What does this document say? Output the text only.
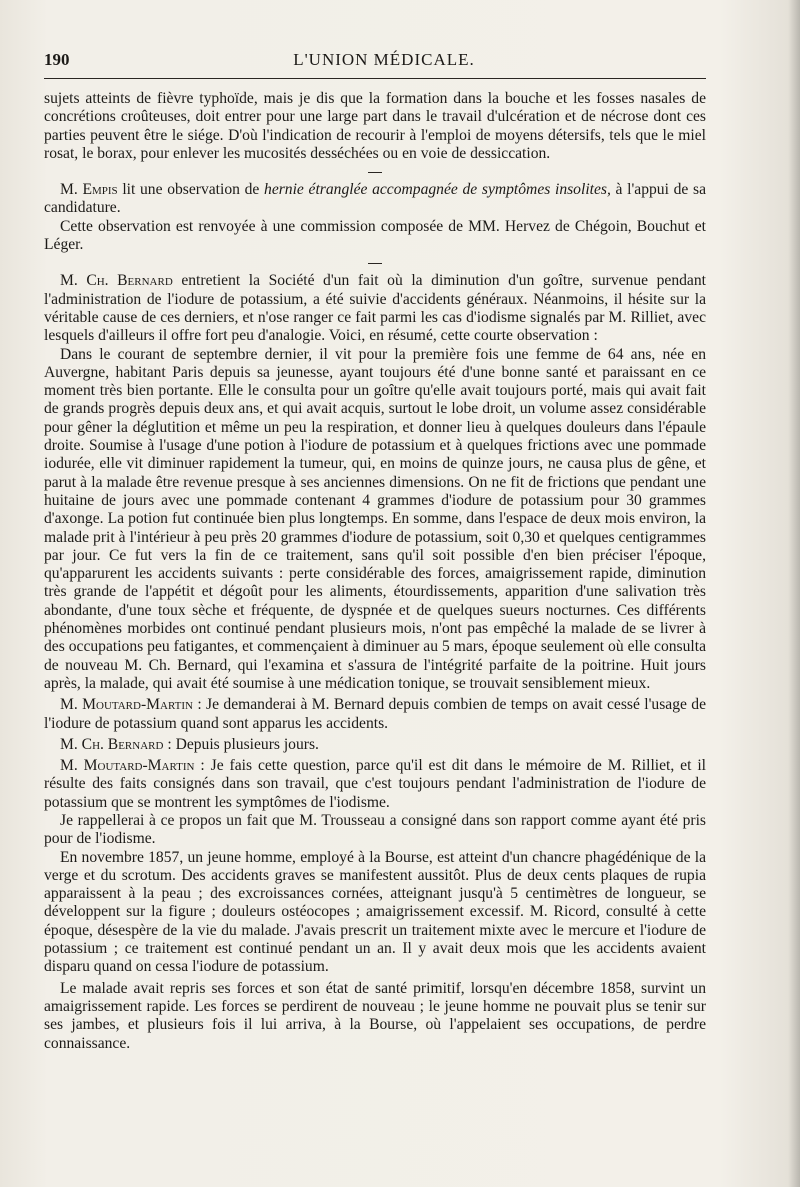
190	L'UNION MÉDICALE.

sujets atteints de fièvre typhoïde, mais je dis que la formation dans la bouche et les fosses nasales de concrétions croûteuses, doit entrer pour une large part dans le travail d'ulcération et de nécrose dont ces parties peuvent être le siége. D'où l'indication de recourir à l'emploi de moyens détersifs, tels que le miel rosat, le borax, pour enlever les mucosités desséchées ou en voie de dessiccation.

M. Empis lit une observation de hernie étranglée accompagnée de symptômes insolites, à l'appui de sa candidature.

Cette observation est renvoyée à une commission composée de MM. Hervez de Chégoin, Bouchut et Léger.

M. Ch. Bernard entretient la Société d'un fait où la diminution d'un goître, survenue pendant l'administration de l'iodure de potassium, a été suivie d'accidents généraux. Néanmoins, il hésite sur la véritable cause de ces derniers, et n'ose ranger ce fait parmi les cas d'iodisme signalés par M. Rilliet, avec lesquels d'ailleurs il offre fort peu d'analogie. Voici, en résumé, cette courte observation :

Dans le courant de septembre dernier, il vit pour la première fois une femme de 64 ans, née en Auvergne, habitant Paris depuis sa jeunesse, ayant toujours été d'une bonne santé et paraissant en ce moment très bien portante. Elle le consulta pour un goître qu'elle avait toujours porté, mais qui avait fait de grands progrès depuis deux ans, et qui avait acquis, surtout le lobe droit, un volume assez considérable pour gêner la déglutition et même un peu la respiration, et donner lieu à quelques douleurs dans l'épaule droite. Soumise à l'usage d'une potion à l'iodure de potassium et à quelques frictions avec une pommade iodurée, elle vit diminuer rapidement la tumeur, qui, en moins de quinze jours, ne causa plus de gêne, et parut à la malade être revenue presque à ses anciennes dimensions. On ne fit de frictions que pendant une huitaine de jours avec une pommade contenant 4 grammes d'iodure de potassium pour 30 grammes d'axonge. La potion fut continuée bien plus longtemps. En somme, dans l'espace de deux mois environ, la malade prit à l'intérieur à peu près 20 grammes d'iodure de potassium, soit 0,30 et quelques centigrammes par jour. Ce fut vers la fin de ce traitement, sans qu'il soit possible d'en bien préciser l'époque, qu'apparurent les accidents suivants : perte considérable des forces, amaigrissement rapide, diminution très grande de l'appétit et dégoût pour les aliments, étourdissements, apparition d'une salivation très abondante, d'une toux sèche et fréquente, de dyspnée et de quelques sueurs nocturnes. Ces différents phénomènes morbides ont continué pendant plusieurs mois, n'ont pas empêché la malade de se livrer à des occupations peu fatigantes, et commençaient à diminuer au 5 mars, époque seulement où elle consulta de nouveau M. Ch. Bernard, qui l'examina et s'assura de l'intégrité parfaite de la poitrine. Huit jours après, la malade, qui avait été soumise à une médication tonique, se trouvait sensiblement mieux.

M. Moutard-Martin : Je demanderai à M. Bernard depuis combien de temps on avait cessé l'usage de l'iodure de potassium quand sont apparus les accidents.

M. Ch. Bernard : Depuis plusieurs jours.

M. Moutard-Martin : Je fais cette question, parce qu'il est dit dans le mémoire de M. Rilliet, et il résulte des faits consignés dans son travail, que c'est toujours pendant l'administration de l'iodure de potassium que se montrent les symptômes de l'iodisme.

Je rappellerai à ce propos un fait que M. Trousseau a consigné dans son rapport comme ayant été pris pour de l'iodisme.

En novembre 1857, un jeune homme, employé à la Bourse, est atteint d'un chancre phagédénique de la verge et du scrotum. Des accidents graves se manifestent aussitôt. Plus de deux cents plaques de rupia apparaissent à la peau ; des excroissances cornées, atteignant jusqu'à 5 centimètres de longueur, se développent sur la figure ; douleurs ostéocopes ; amaigrissement excessif. M. Ricord, consulté à cette époque, désespère de la vie du malade. J'avais prescrit un traitement mixte avec le mercure et l'iodure de potassium ; ce traitement est continué pendant un an. Il y avait deux mois que les accidents avaient disparu quand on cessa l'iodure de potassium.

Le malade avait repris ses forces et son état de santé primitif, lorsqu'en décembre 1858, survint un amaigrissement rapide. Les forces se perdirent de nouveau ; le jeune homme ne pouvait plus se tenir sur ses jambes, et plusieurs fois il lui arriva, à la Bourse, où l'appelaient ses occupations, de perdre connaissance.
